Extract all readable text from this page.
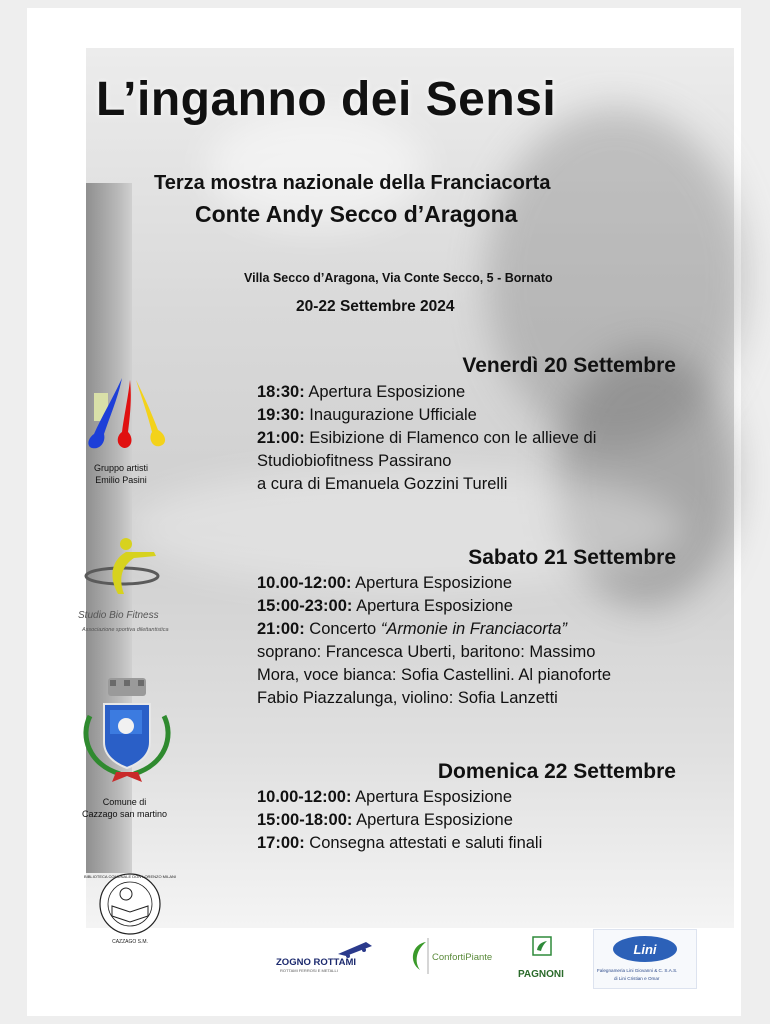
L’inganno dei Sensi

Terza mostra nazionale della Franciacorta

Conte Andy Secco d’Aragona

Villa Secco d’Aragona, Via Conte Secco, 5 - Bornato

20-22 Settembre 2024

Venerdì 20 Settembre

18:30: Apertura Esposizione
19:30: Inaugurazione Ufficiale
21:00: Esibizione di Flamenco con le allieve di
Studiobiofitness Passirano
a cura di Emanuela Gozzini Turelli

Sabato 21 Settembre

10.00-12:00: Apertura Esposizione
15:00-23:00: Apertura Esposizione
21:00: Concerto “Armonie in Franciacorta”
soprano: Francesca Uberti, baritono: Massimo
Mora, voce bianca: Sofia Castellini. Al pianoforte
Fabio Piazzalunga, violino: Sofia Lanzetti

Domenica 22 Settembre

10.00-12:00: Apertura Esposizione
15:00-18:00: Apertura Esposizione
17:00: Consegna attestati e saluti finali

Gruppo artisti
Emilio Pasini

Studio Bio Fitness

Associazione sportiva dilettantistica

Comune di
Cazzago san martino

BIBLIOTECA COMUNALE DON LORENZO MILANI
CAZZAGO S.M.
ZOGNO ROTTAMI
ROTTAMI FERROSI E METALLI
ConfortiPiante
PAGNONI
Lini
Falegnameria Lini Giovanni & C. S.A.S.
di Lini Cristian e Omar
